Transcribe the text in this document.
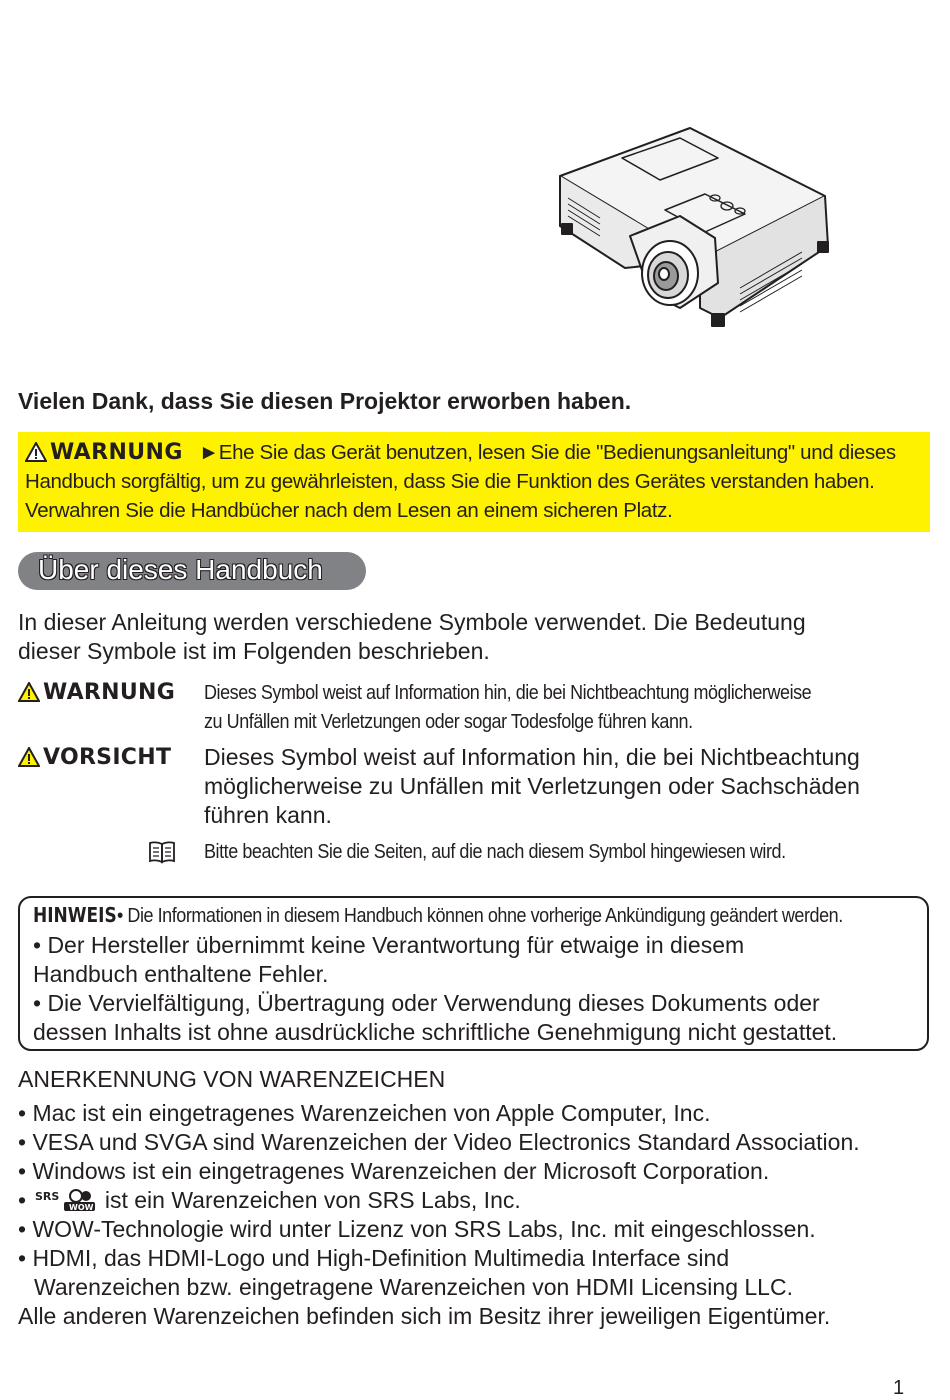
Vielen Dank, dass Sie diesen Projektor erworben haben.
WARNUNG ►Ehe Sie das Gerät benutzen, lesen Sie die "Bedienungsanleitung" und dieses
Handbuch sorgfältig, um zu gewährleisten, dass Sie die Funktion des Gerätes verstanden haben.
Verwahren Sie die Handbücher nach dem Lesen an einem sicheren Platz.
Über dieses Handbuch
In dieser Anleitung werden verschiedene Symbole verwendet. Die Bedeutung
dieser Symbole ist im Folgenden beschrieben.
WARNUNG Dieses Symbol weist auf Information hin, die bei Nichtbeachtung möglicherweise
zu Unfällen mit Verletzungen oder sogar Todesfolge führen kann.
VORSICHT Dieses Symbol weist auf Information hin, die bei Nichtbeachtung
möglicherweise zu Unfällen mit Verletzungen oder Sachschäden
führen kann.
Bitte beachten Sie die Seiten, auf die nach diesem Symbol hingewiesen wird.
HINWEIS• Die Informationen in diesem Handbuch können ohne vorherige Ankündigung geändert werden.
• Der Hersteller übernimmt keine Verantwortung für etwaige in diesem
Handbuch enthaltene Fehler.
• Die Vervielfältigung, Übertragung oder Verwendung dieses Dokuments oder
dessen Inhalts ist ohne ausdrückliche schriftliche Genehmigung nicht gestattet.
ANERKENNUNG VON WARENZEICHEN
• Mac ist ein eingetragenes Warenzeichen von Apple Computer, Inc.
• VESA und SVGA sind Warenzeichen der Video Electronics Standard Association.
• Windows ist ein eingetragenes Warenzeichen der Microsoft Corporation.
• SRS
WOW ist ein Warenzeichen von SRS Labs, Inc.
• WOW-Technologie wird unter Lizenz von SRS Labs, Inc. mit eingeschlossen.
• HDMI, das HDMI-Logo und High-Definition Multimedia Interface sind
Warenzeichen bzw. eingetragene Warenzeichen von HDMI Licensing LLC.
Alle anderen Warenzeichen befinden sich im Besitz ihrer jeweiligen Eigentümer.
1
